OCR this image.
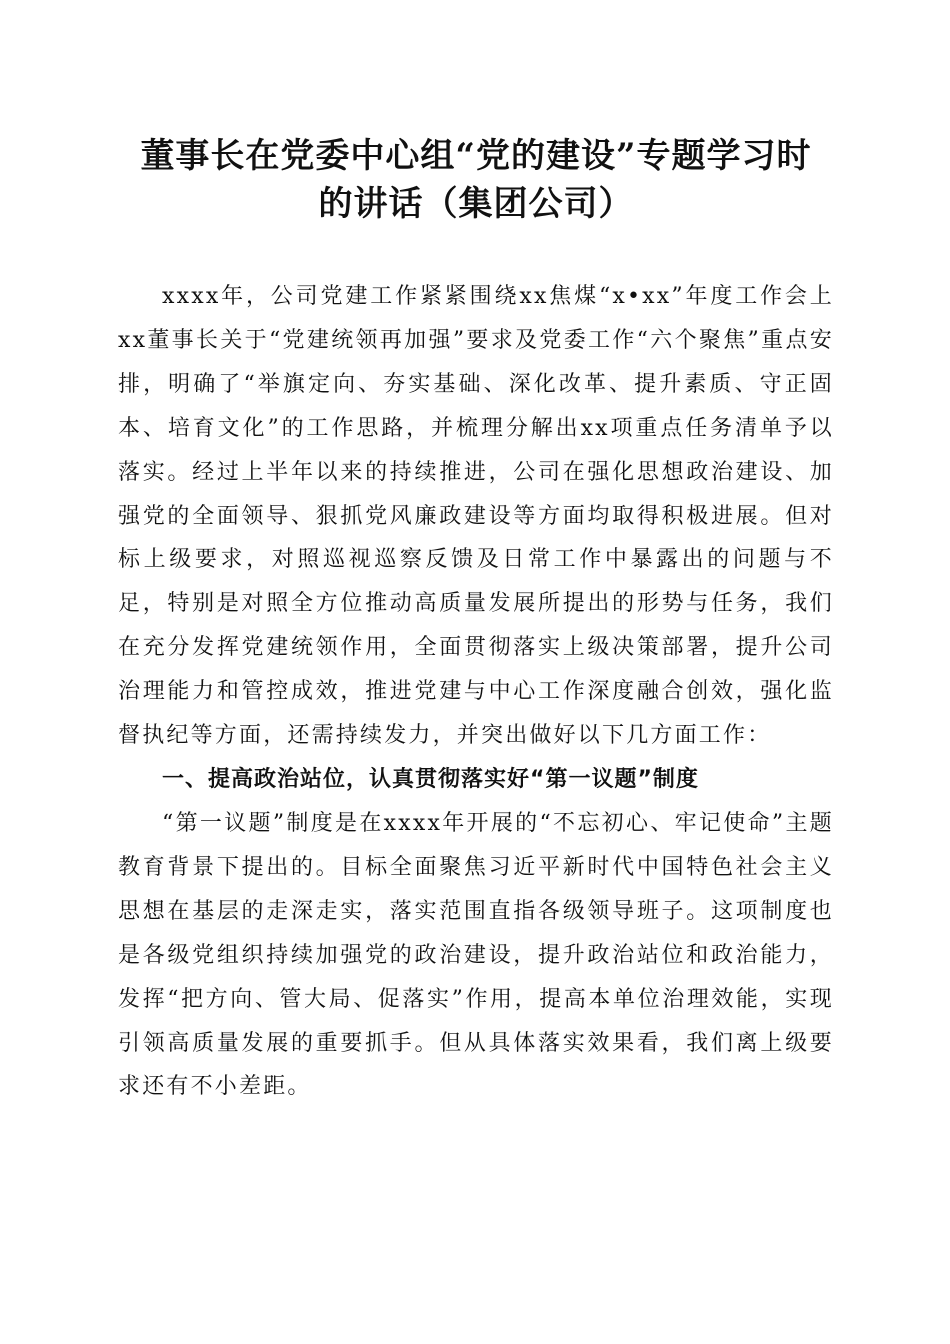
董事长在党委中心组“党的建设”专题学习时
的讲话（集团公司）

xxxx年，公司党建工作紧紧围绕xx焦煤“x•xx”年度工作会上xx董事长关于“党建统领再加强”要求及党委工作“六个聚焦”重点安排，明确了“举旗定向、夯实基础、深化改革、提升素质、守正固本、培育文化”的工作思路，并梳理分解出xx项重点任务清单予以落实。经过上半年以来的持续推进，公司在强化思想政治建设、加强党的全面领导、狠抓党风廉政建设等方面均取得积极进展。但对标上级要求，对照巡视巡察反馈及日常工作中暴露出的问题与不足，特别是对照全方位推动高质量发展所提出的形势与任务，我们在充分发挥党建统领作用，全面贯彻落实上级决策部署，提升公司治理能力和管控成效，推进党建与中心工作深度融合创效，强化监督执纪等方面，还需持续发力，并突出做好以下几方面工作：

一、提高政治站位，认真贯彻落实好“第一议题”制度

“第一议题”制度是在xxxx年开展的“不忘初心、牢记使命”主题教育背景下提出的。目标全面聚焦习近平新时代中国特色社会主义思想在基层的走深走实，落实范围直指各级领导班子。这项制度也是各级党组织持续加强党的政治建设，提升政治站位和政治能力，发挥“把方向、管大局、促落实”作用，提高本单位治理效能，实现引领高质量发展的重要抓手。但从具体落实效果看，我们离上级要求还有不小差距。
